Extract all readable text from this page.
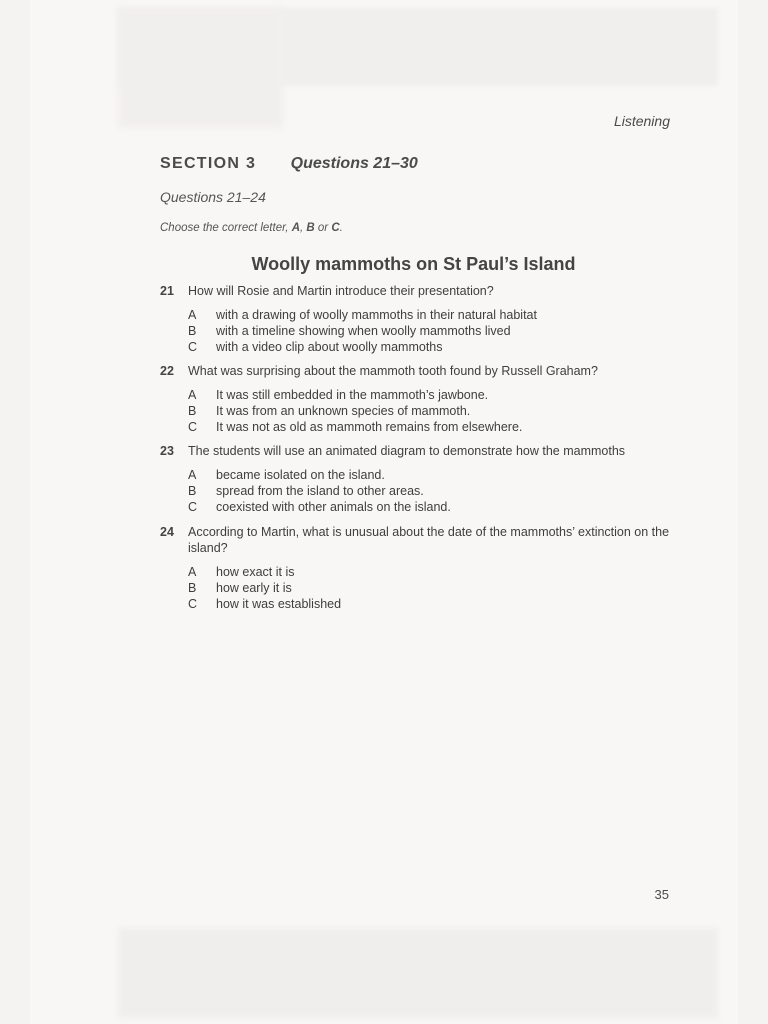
Listening
SECTION 3 Questions 21–30
Questions 21–24
Choose the correct letter, A, B or C.
Woolly mammoths on St Paul’s Island
21	How will Rosie and Martin introduce their presentation?
A	with a drawing of woolly mammoths in their natural habitat
B	with a timeline showing when woolly mammoths lived
C	with a video clip about woolly mammoths
22	What was surprising about the mammoth tooth found by Russell Graham?
A	It was still embedded in the mammoth’s jawbone.
B	It was from an unknown species of mammoth.
C	It was not as old as mammoth remains from elsewhere.
23	The students will use an animated diagram to demonstrate how the mammoths
A	became isolated on the island.
B	spread from the island to other areas.
C	coexisted with other animals on the island.
24	According to Martin, what is unusual about the date of the mammoths’ extinction on the island?
A	how exact it is
B	how early it is
C	how it was established
35
